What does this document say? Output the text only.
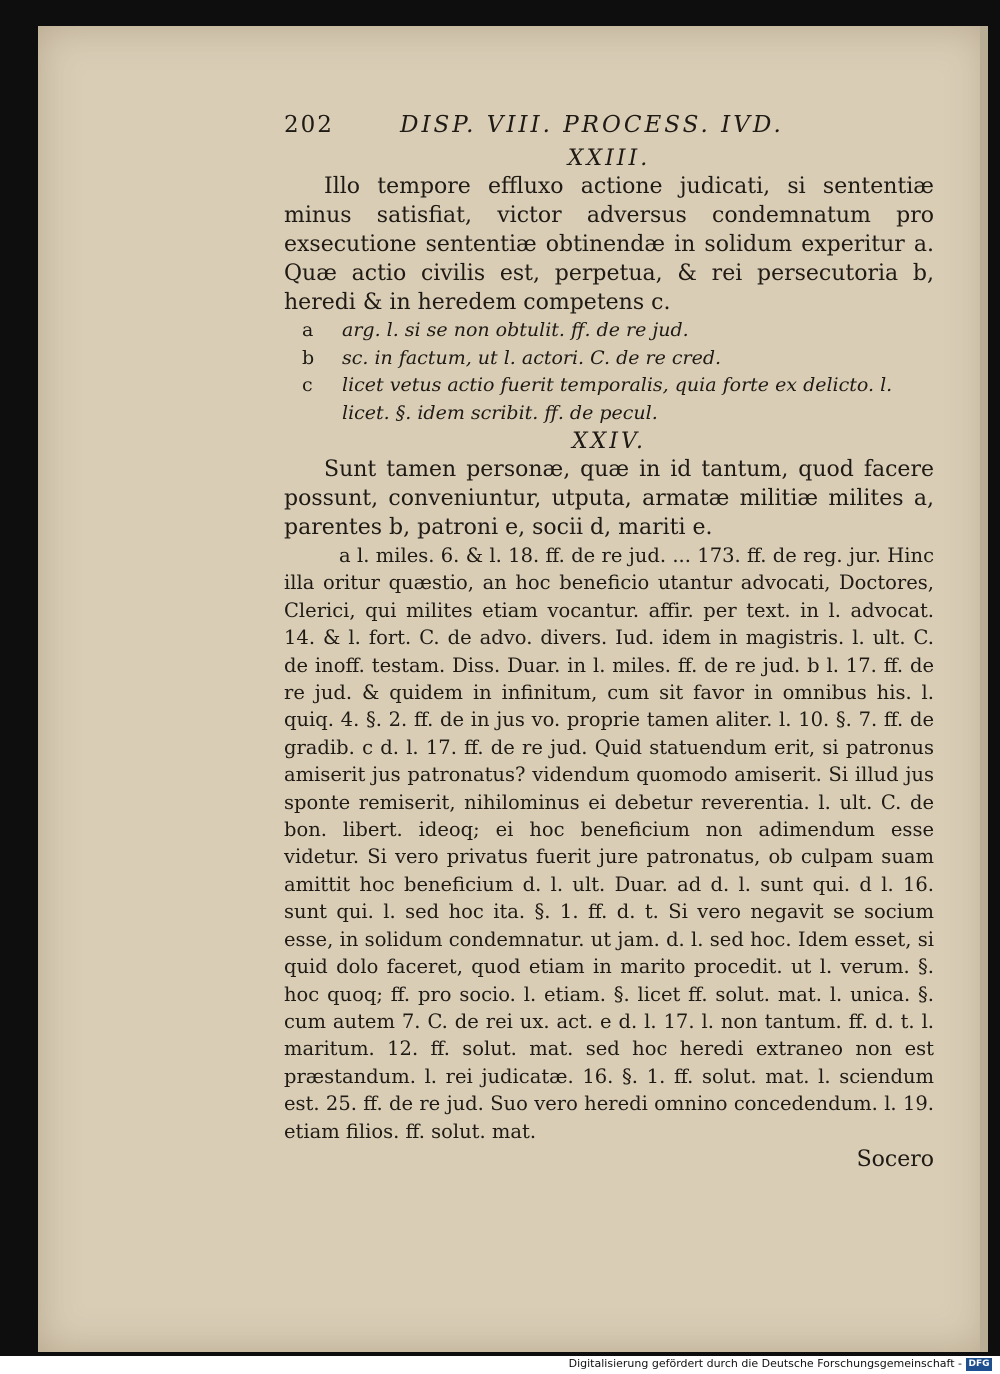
202	DISP. VIII. PROCESS. IVD.
XXIII.

Illo tempore effluxo actione judicati, si sententiæ minus satisfiat, victor adversus condemnatum pro exsecutione sententiæ obtinendæ in solidum experitur a. Quæ actio civilis est, perpetua, & rei persecutoria b, heredi & in heredem competens c.

a arg. l. si se non obtulit. ff. de re jud.

b sc. in factum, ut l. actori. C. de re cred.

c licet vetus actio fuerit temporalis, quia forte ex delicto. l. licet. §. idem scribit. ff. de pecul.

XXIV.

Sunt tamen personæ, quæ in id tantum, quod facere possunt, conveniuntur, utputa, armatæ militiæ milites a, parentes b, patroni e, socii d, mariti e.

a l. miles. 6. & l. 18. ff. de re jud. ... 173. ff. de reg. jur. Hinc illa oritur quæstio, an hoc beneficio utantur advocati, Doctores, Clerici, qui milites etiam vocantur. affir. per text. in l. advocat. 14. & l. fort. C. de advo. divers. Iud. idem in magistris. l. ult. C. de inoff. testam. Diss. Duar. in l. miles. ff. de re jud. b l. 17. ff. de re jud. & quidem in infinitum, cum sit favor in omnibus his. l. quiq. 4. §. 2. ff. de in jus vo. proprie tamen aliter. l. 10. §. 7. ff. de gradib. c d. l. 17. ff. de re jud. Quid statuendum erit, si patronus amiserit jus patronatus? videndum quomodo amiserit. Si illud jus sponte remiserit, nihilominus ei debetur reverentia. l. ult. C. de bon. libert. ideoq; ei hoc beneficium non adimendum esse videtur. Si vero privatus fuerit jure patronatus, ob culpam suam amittit hoc beneficium d. l. ult. Duar. ad d. l. sunt qui. d l. 16. sunt qui. l. sed hoc ita. §. 1. ff. d. t. Si vero negavit se socium esse, in solidum condemnatur. ut jam. d. l. sed hoc. Idem esset, si quid dolo faceret, quod etiam in marito procedit. ut l. verum. §. hoc quoq; ff. pro socio. l. etiam. §. licet ff. solut. mat. l. unica. §. cum autem 7. C. de rei ux. act. e d. l. 17. l. non tantum. ff. d. t. l. maritum. 12. ff. solut. mat. sed hoc heredi extraneo non est præstandum. l. rei judicatæ. 16. §. 1. ff. solut. mat. l. sciendum est. 25. ff. de re jud. Suo vero heredi omnino concedendum. l. 19. etiam filios. ff. solut. mat.

Socero
Digitalisierung gefördert durch die Deutsche Forschungsgemeinschaft - DFG
